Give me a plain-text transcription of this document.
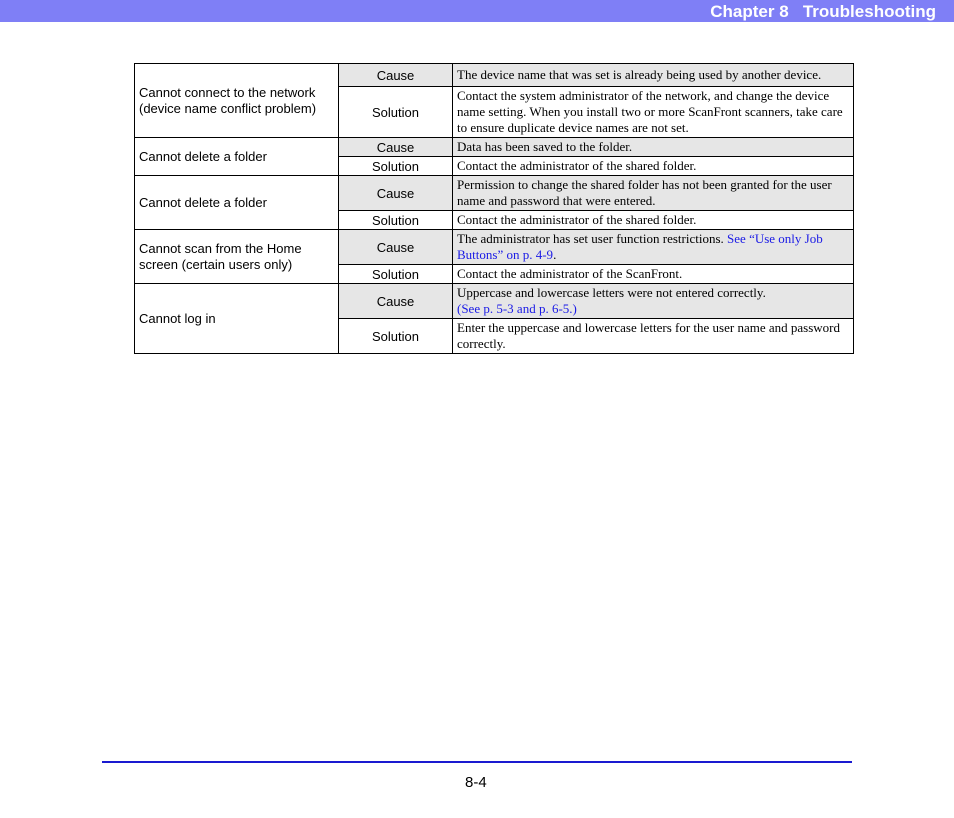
Chapter 8   Troubleshooting
Cannot connect to the network (device name conflict problem)	Cause	The device name that was set is already being used by another device.
	Solution	Contact the system administrator of the network, and change the device name setting. When you install two or more ScanFront scanners, take care to ensure duplicate device names are not set.
Cannot delete a folder	Cause	Data has been saved to the folder.
	Solution	Contact the administrator of the shared folder.
Cannot delete a folder	Cause	Permission to change the shared folder has not been granted for the user name and password that were entered.
	Solution	Contact the administrator of the shared folder.
Cannot scan from the Home screen (certain users only)	Cause	The administrator has set user function restrictions. See “Use only Job Buttons” on p. 4-9.
	Solution	Contact the administrator of the ScanFront.
Cannot log in	Cause	Uppercase and lowercase letters were not entered correctly.
(See p. 5-3 and p. 6-5.)
	Solution	Enter the uppercase and lowercase letters for the user name and password correctly.
8-4
